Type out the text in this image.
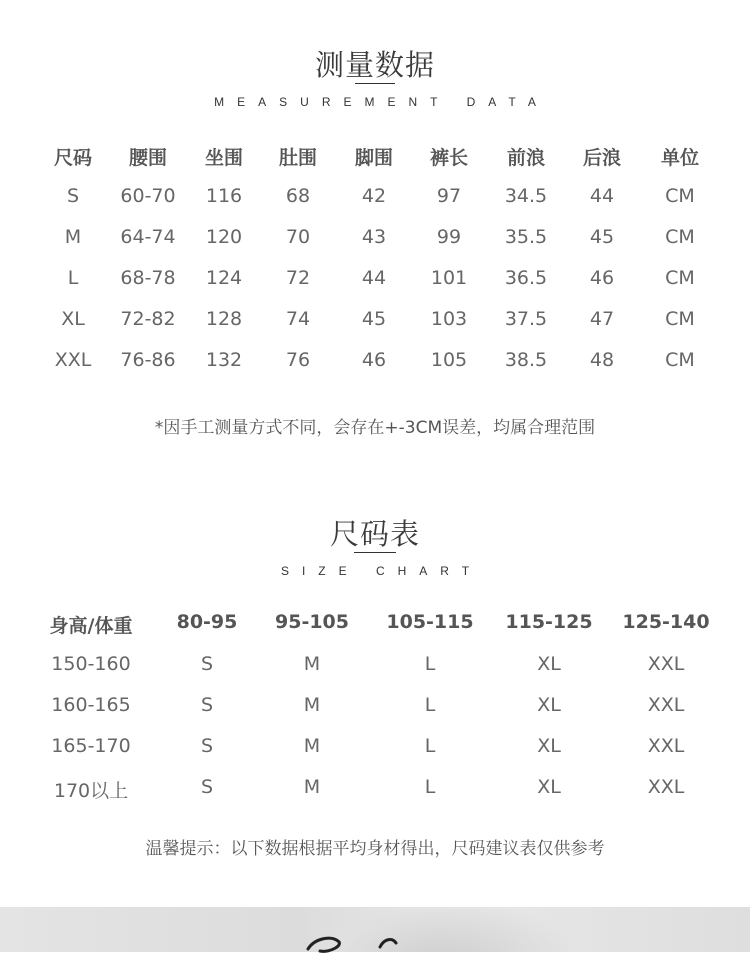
测量数据
MEASUREMENT DATA
尺码 腰围 坐围 肚围 脚围 裤长 前浪 后浪 单位
S 60-70 116 68	42	97 34.5 44	CM
M 64-74 120 70	43	99 35.5 45	CM
L 68-78 124 72	44 101 36.5 46	CM
XL 72-82 128 74	45 103 37.5 47	CM
XXL 76-86 132 76	46 105 38.5 48	CM
*因手工测量方式不同，会存在+-3CM误差，均属合理范围
尺码表
SIZE CHART
身高/体重 80-95 95-105 105-115 115-125 125-140
150-160	S	M	L	XL	XXL
160-165	S	M	L	XL	XXL
165-170	S	M	L	XL	XXL
170以上	S	M	L	XL	XXL
温馨提示：以下数据根据平均身材得出，尺码建议表仅供参考
